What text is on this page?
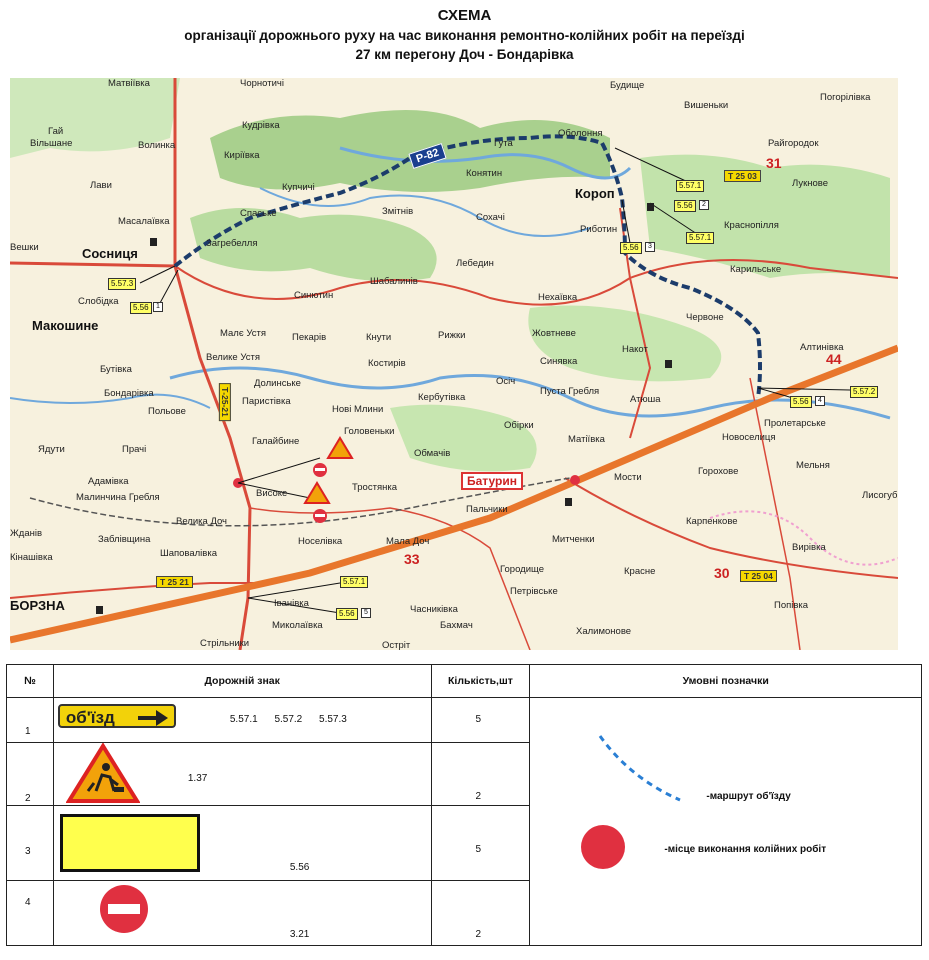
СХЕМА
організації дорожнього руху на час виконання ремонтно-колійних робіт на переїзді
27 км перегону Доч - Бондарівка
Сосниця
Макошине
Короп
БОРЗНА
Батурин
Матвіївка	Чорнотичі
Гай
Вільшане	Волинка
Кудрівка
Киріївка
Лави
Масалаївка
Купчичі
Спаське
Загребелля
Слобідка
Вешки
Змітнів
Гута
Конятин
Оболоння
Будище
Вишеньки
Погорілівка
Райгородок
Лукнове
Сохачі
Риботин	Краснопілля
Лебедин
Шабалинів
Синютин
Карильське
Нехаївка
Малє Устя	Пекарів	Кнути	Рижки	Жовтневе
Червоне
Велике Устя
Бутівка
Долинське
Костирів	Синявка
Накот	Алтинівка
Бондарівка
Польове
Паристівка
Нові Млини
Кербутівка
Осіч
Пуста Гребля
Атюша
Пролетарське
Ядути	Прачі
Галайбине
Головеньки
Обірки
Матіївка	Новоселиця
Мельня
Адамівка
Малинчина Гребля	Високе
Обмачів
Тростянка
Мости
Горохове
Жданів
Велика Доч
Заблівщина
Шаповалівка
Пальчики
Карпенкове
Лисогуб
Кінашівка
Носелівка	Мала Доч	Митченки
Вирівка
Городище
Петрівське
Красне
Іванівка
Часниківка	Попівка
Миколаївка	Бахмач
Халимонове
Стрільники	Остріт
Р-82
Т-25-21
Т 25 03
Т 25 04
Т 25 21
33
30
44
31
5.57.3
5.56	1
5.57.1
5.56	2
5.56	3
5.57.1
5.57.2
5.56	4
5.57.1
5.56	5
№	Дорожній знак	Кількість,шт	Умовні позначки

1	об'їзд 5.57.1 5.57.2 5.57.3	5	-маршрут об'їзду
-місце виконання колійних робіт

2	1.37	2	

3	5.56	5	

4	3.21	2	
